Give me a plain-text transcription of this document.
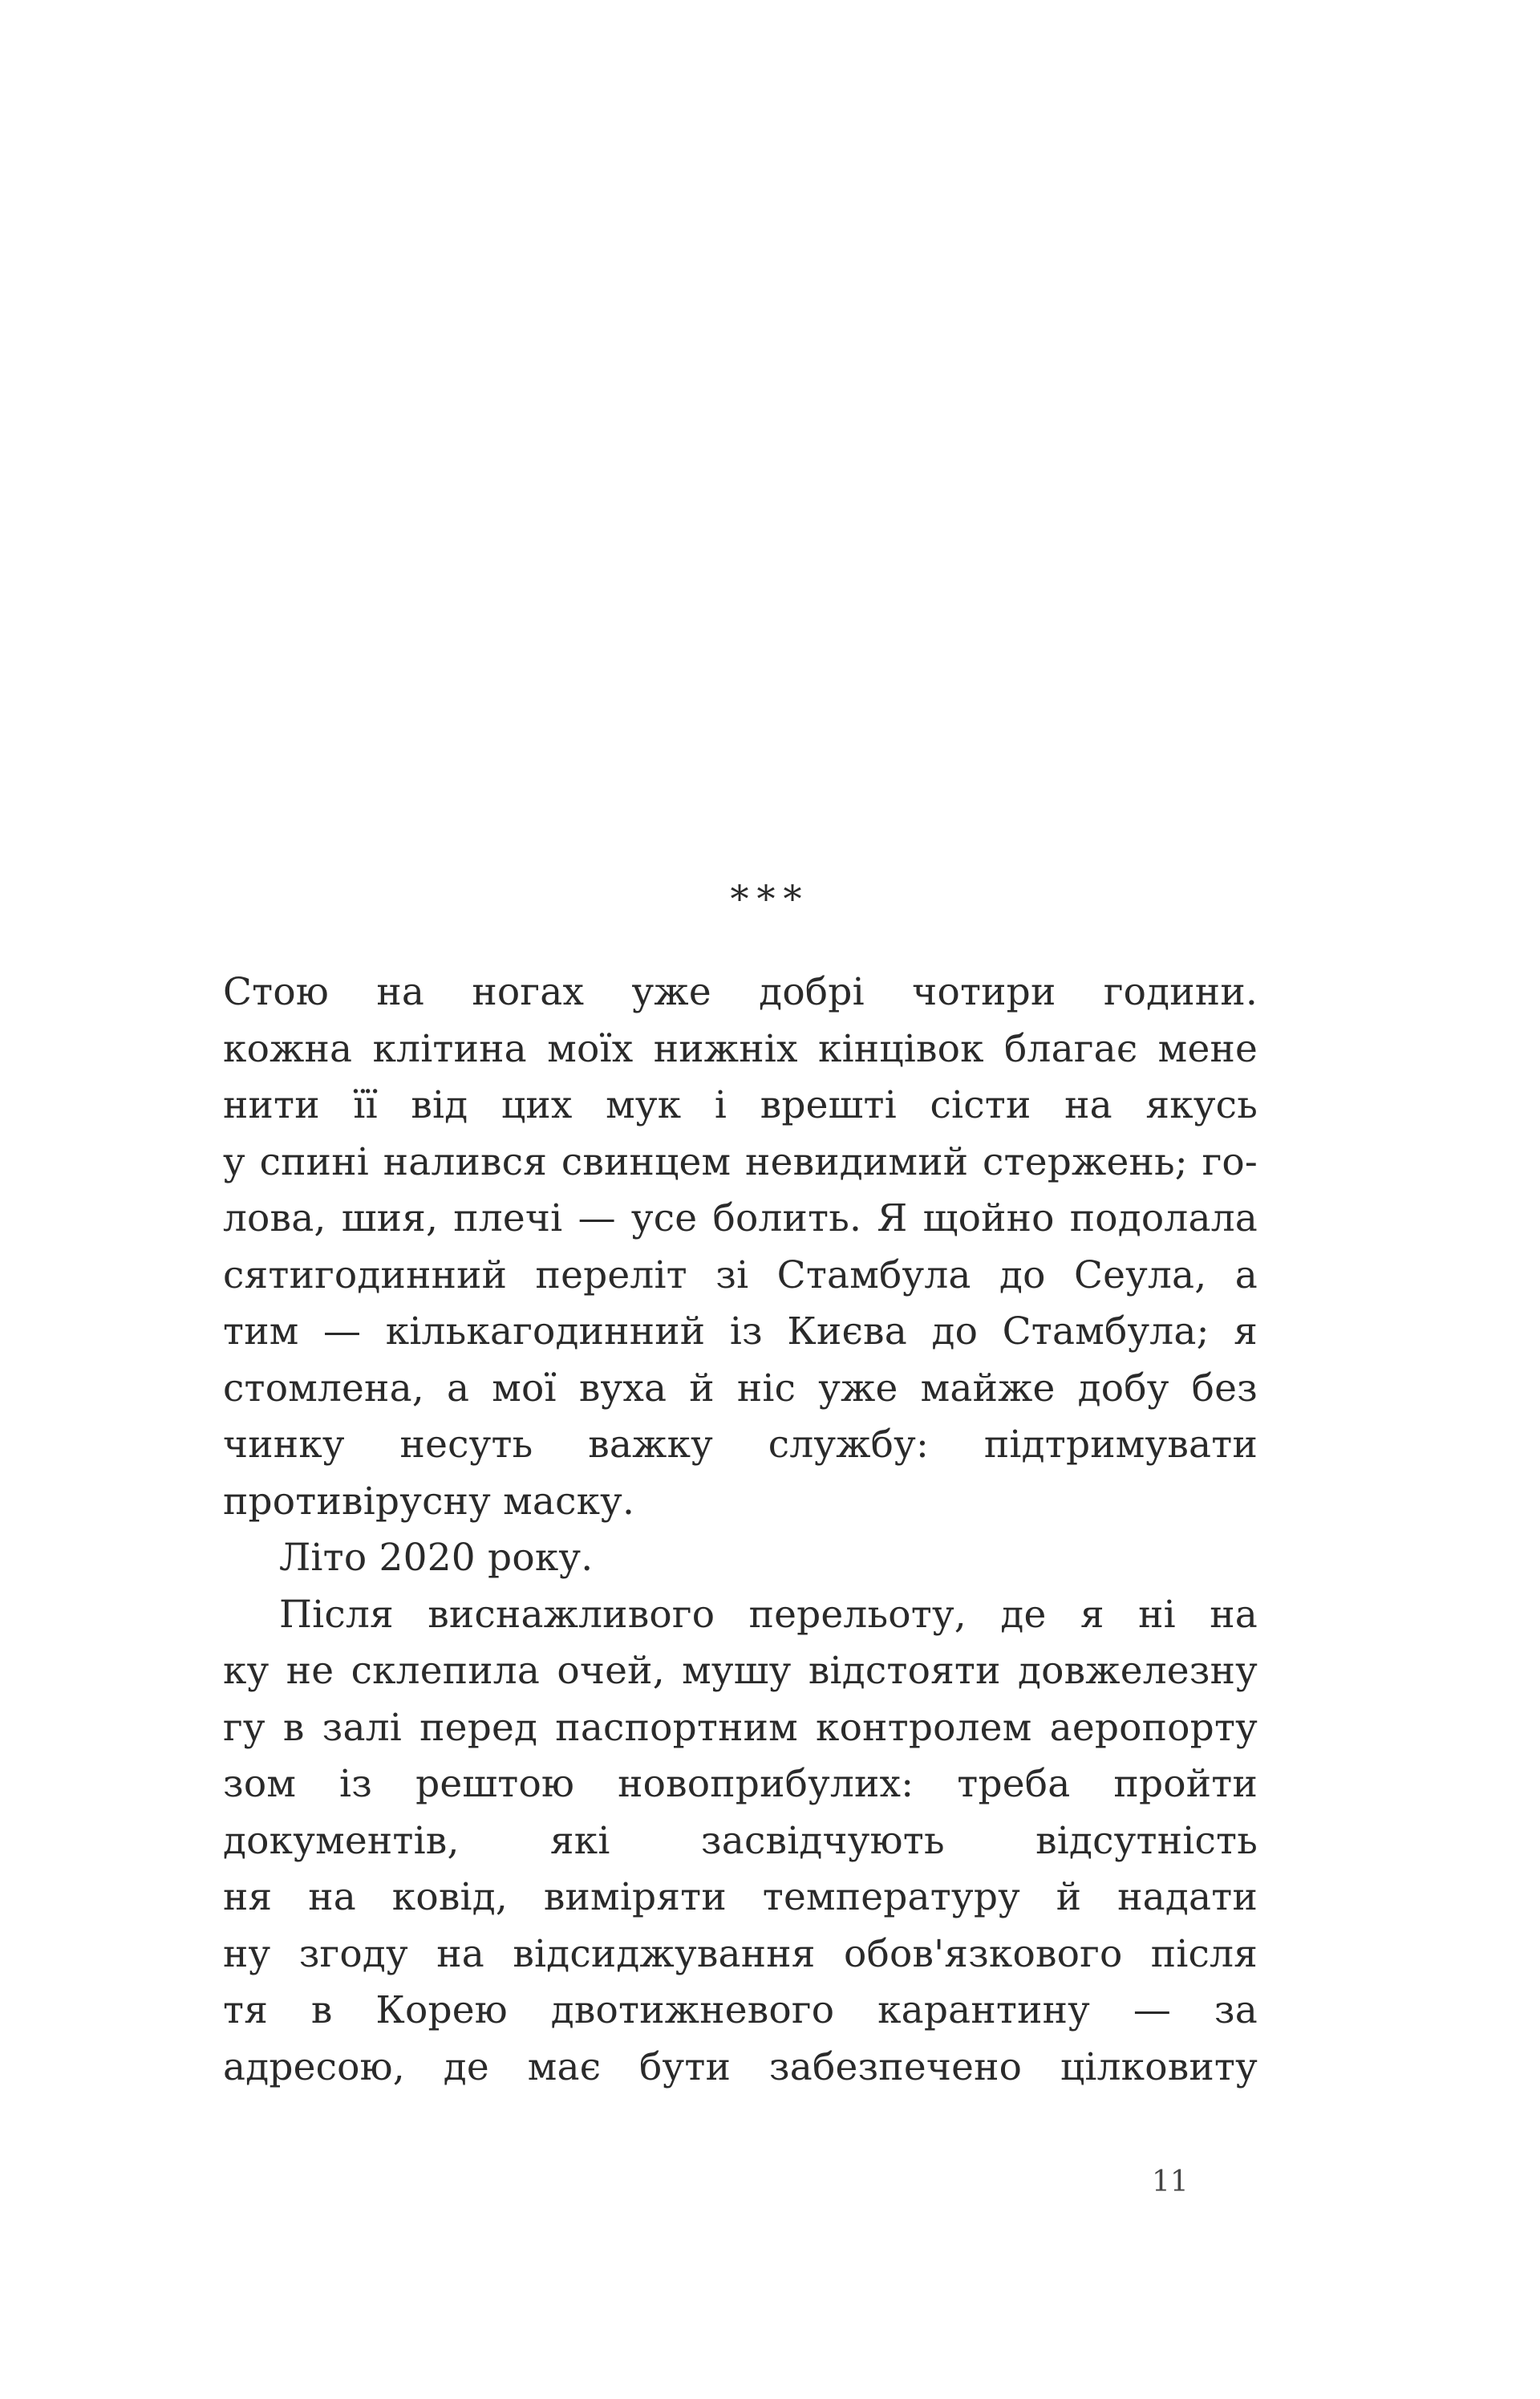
***
Стою на ногах уже добрі чотири години.
кожна клітина моїх нижніх кінцівок благає мене
нити її від цих мук і врешті сісти на якусь
у спині налився свинцем невидимий стержень; го-
лова, шия, плечі — усе болить. Я щойно подолала
сятигодинний переліт зі Стамбула до Сеула, а
тим — кількагодинний із Києва до Стамбула; я
стомлена, а мої вуха й ніс уже майже добу без
чинку несуть важку службу: підтримувати
противірусну маску.
Літо 2020 року.
Після виснажливого перельоту, де я ні на
ку не склепила очей, мушу відстояти довжелезну
гу в залі перед паспортним контролем аеропорту
зом із рештою новоприбулих: треба пройти
документів, які засвідчують відсутність
ня на ковід, виміряти температуру й надати
ну згоду на відсиджування обов'язкового після
тя в Корею двотижневого карантину — за
адресою, де має бути забезпечено цілковиту
11
